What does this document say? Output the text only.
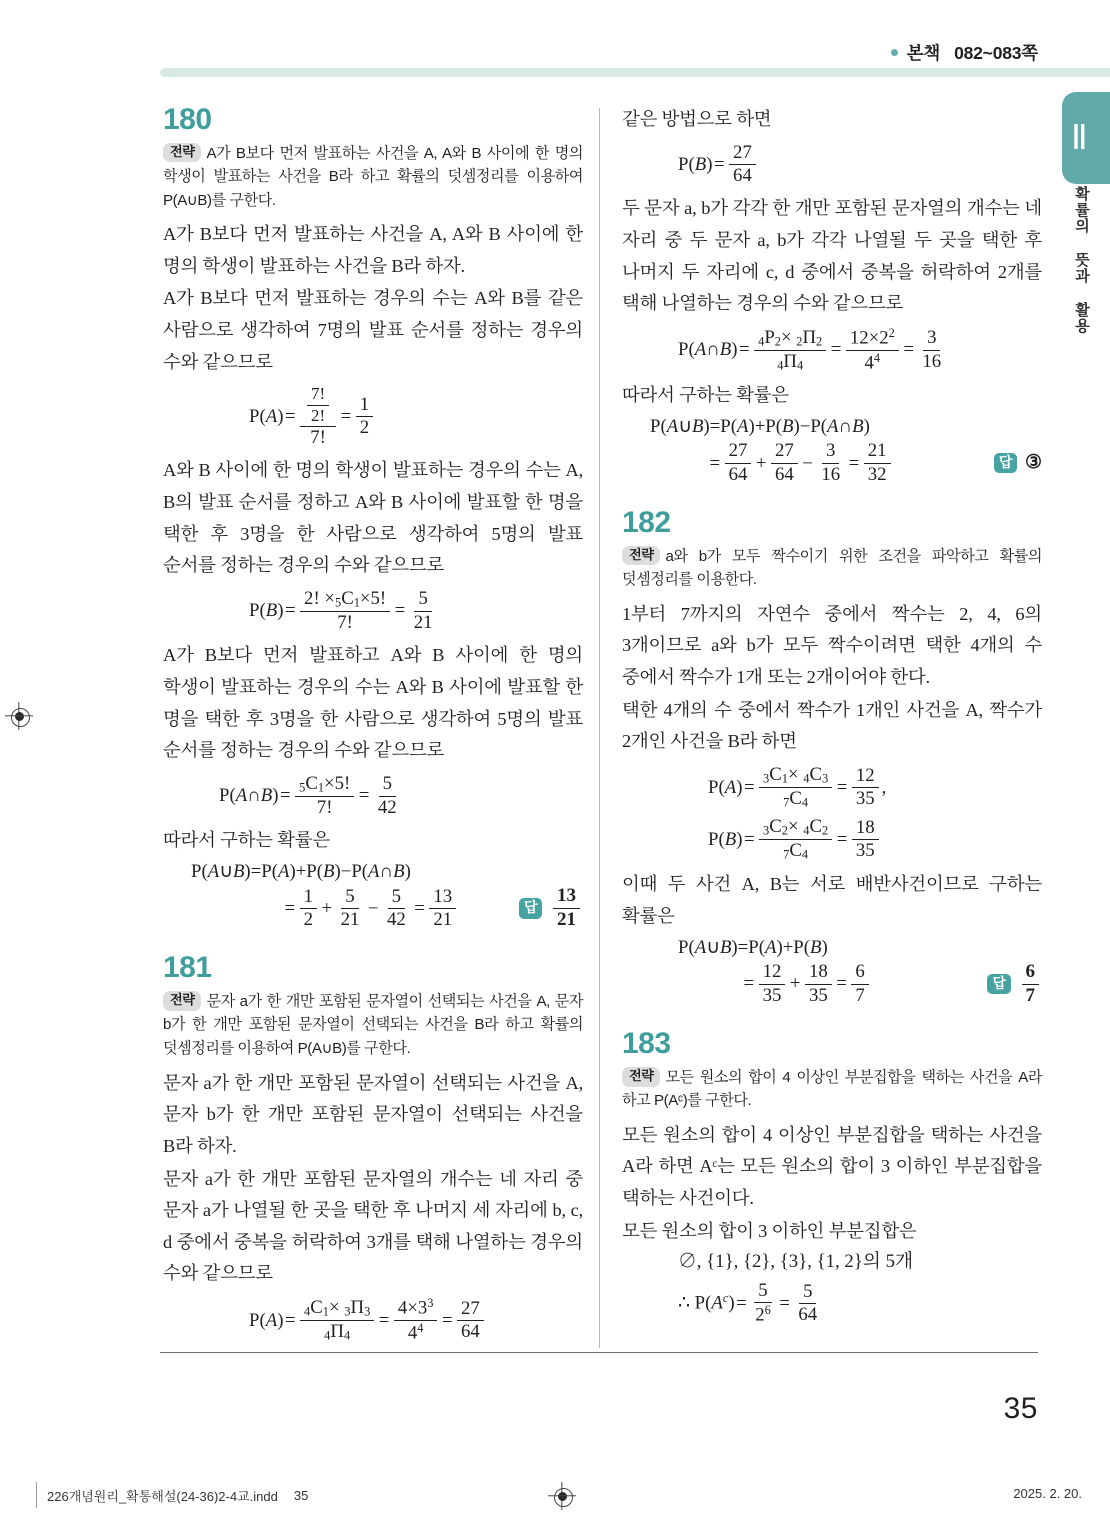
본책 082~083쪽
Ⅱ
확률의 뜻과 활용
180
전략 A가 B보다 먼저 발표하는 사건을 A, A와 B 사이에 한 명의 학생이 발표하는 사건을 B라 하고 확률의 덧셈정리를 이용하여 P(A∪B)를 구한다.

A가 B보다 먼저 발표하는 사건을 A, A와 B 사이에 한 명의 학생이 발표하는 사건을 B라 하자.

A가 B보다 먼저 발표하는 경우의 수는 A와 B를 같은 사람으로 생각하여 7명의 발표 순서를 정하는 경우의 수와 같으므로

$P(A) = \frac{\frac{7!}{2!}}{7!} = \frac{1}{2}$

A와 B 사이에 한 명의 학생이 발표하는 경우의 수는 A, B의 발표 순서를 정하고 A와 B 사이에 발표할 한 명을 택한 후 3명을 한 사람으로 생각하여 5명의 발표 순서를 정하는 경우의 수와 같으므로

$P(B) = \frac{2! \times_5C_1\times 5!}{7!} = \frac{5}{21}$

A가 B보다 먼저 발표하고 A와 B 사이에 한 명의 학생이 발표하는 경우의 수는 A와 B 사이에 발표할 한 명을 택한 후 3명을 한 사람으로 생각하여 5명의 발표 순서를 정하는 경우의 수와 같으므로

P(A∩B) = $\frac{_5C_1\times 5!}{7!} = \frac{5}{42}$

따라서 구하는 확률은

P(A∪B)=P(A)+P(B)−P(A∩B)
= $\frac{1}{2} + \frac{5}{21} - \frac{5}{42} = \frac{13}{21}$	답 $\frac{13}{21}$
181
전략 문자 a가 한 개만 포함된 문자열이 선택되는 사건을 A, 문자 b가 한 개만 포함된 문자열이 선택되는 사건을 B라 하고 확률의 덧셈정리를 이용하여 P(A∪B)를 구한다.

문자 a가 한 개만 포함된 문자열이 선택되는 사건을 A, 문자 b가 한 개만 포함된 문자열이 선택되는 사건을 B라 하자.

문자 a가 한 개만 포함된 문자열의 개수는 네 자리 중 문자 a가 나열될 한 곳을 택한 후 나머지 세 자리에 b, c, d 중에서 중복을 허락하여 3개를 택해 나열하는 경우의 수와 같으므로

$P(A) = \frac{_4C_1\times _3\Pi_3}{_4\Pi_4} = \frac{4\times 3^3}{4^4} = \frac{27}{64}$

같은 방법으로 하면

$P(B) = \frac{27}{64}$

두 문자 a, b가 각각 한 개만 포함된 문자열의 개수는 네 자리 중 두 문자 a, b가 각각 나열될 두 곳을 택한 후 나머지 두 자리에 c, d 중에서 중복을 허락하여 2개를 택해 나열하는 경우의 수와 같으므로

P(A∩B) = $\frac{_4P_2\times _2\Pi_2}{_4\Pi_4} = \frac{12\times 2^2}{4^4} = \frac{3}{16}$

따라서 구하는 확률은

P(A∪B)=P(A)+P(B)−P(A∩B)
= $\frac{27}{64} + \frac{27}{64} - \frac{3}{16} = \frac{21}{32}$	답 ③
182
전략 a와 b가 모두 짝수이기 위한 조건을 파악하고 확률의 덧셈정리를 이용한다.

1부터 7까지의 자연수 중에서 짝수는 2, 4, 6의 3개이므로 a와 b가 모두 짝수이려면 택한 4개의 수 중에서 짝수가 1개 또는 2개이어야 한다.

택한 4개의 수 중에서 짝수가 1개인 사건을 A, 짝수가 2개인 사건을 B라 하면

$P(A) = \frac{_3C_1\times _4C_3}{_7C_4} = \frac{12}{35}$ ,
$P(B) = \frac{_3C_2\times _4C_2}{_7C_4} = \frac{18}{35}$

이때 두 사건 A, B는 서로 배반사건이므로 구하는 확률은

P(A∪B)=P(A)+P(B)
= $\frac{12}{35} + \frac{18}{35} = \frac{6}{7}$	답 $\frac{6}{7}$
183
전략 모든 원소의 합이 4 이상인 부분집합을 택하는 사건을 A라 하고 P(Aᶜ)를 구한다.

모든 원소의 합이 4 이상인 부분집합을 택하는 사건을 A라 하면 Aᶜ는 모든 원소의 합이 3 이하인 부분집합을 택하는 사건이다.

모든 원소의 합이 3 이하인 부분집합은

∅, {1}, {2}, {3}, {1, 2}의 5개
∴ $P(A^c) = \frac{5}{2^6} = \frac{5}{64}$
35
226개념원리_확통해설(24-36)2-4교.indd 35	2025. 2. 20.
